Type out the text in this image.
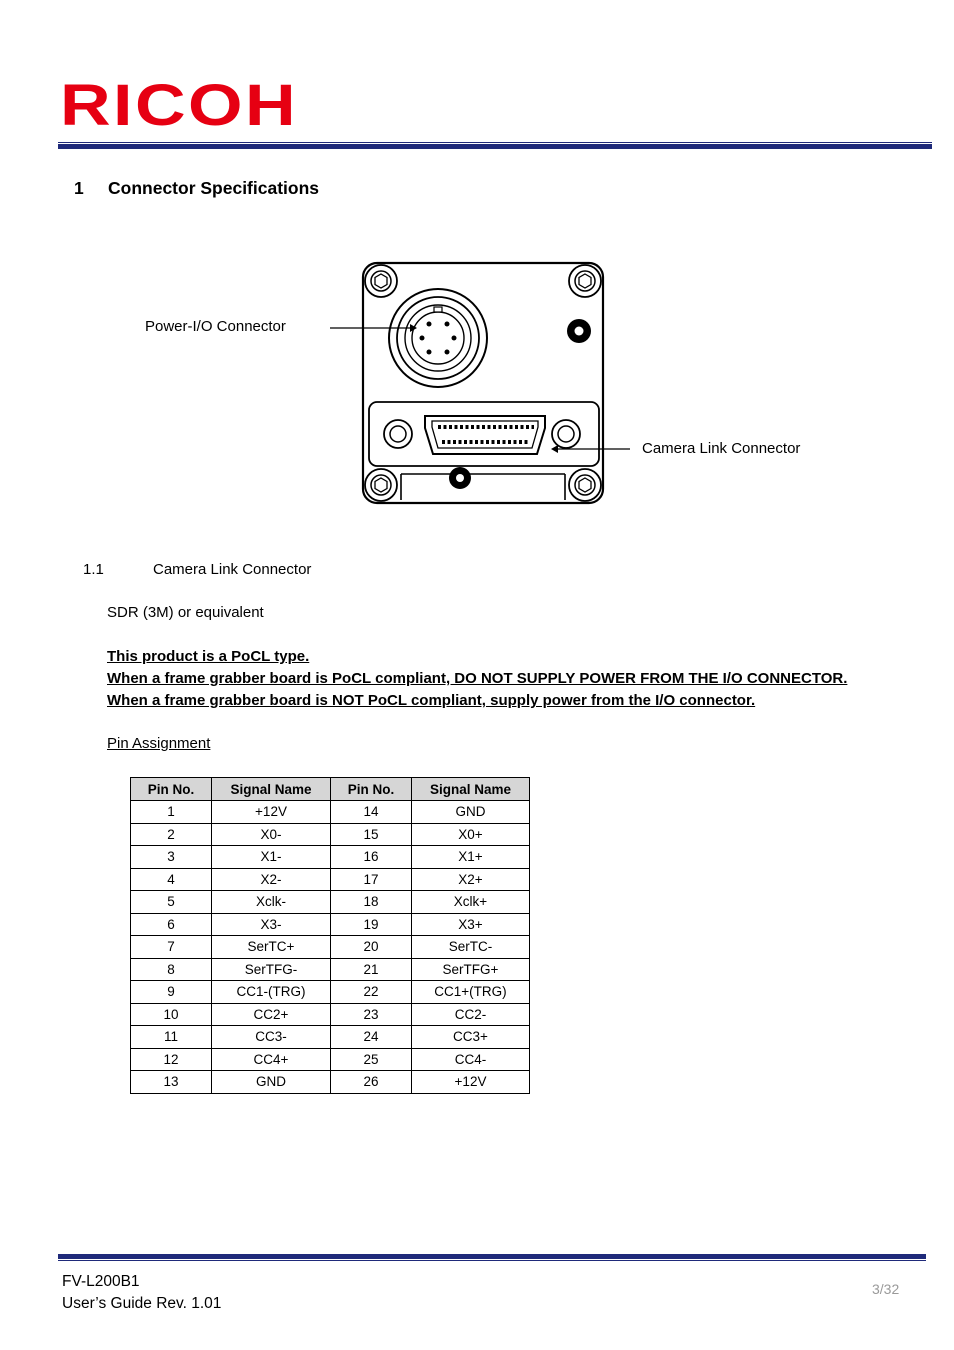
RICOH
1 Connector Specifications
Power-I/O Connector
Camera Link Connector
1.1	Camera Link Connector
SDR (3M) or equivalent
This product is a PoCL type.
When a frame grabber board is PoCL compliant, DO NOT SUPPLY POWER FROM THE I/O CONNECTOR.
When a frame grabber board is NOT PoCL compliant, supply power from the I/O connector.
Pin Assignment
Pin No.	Signal Name	Pin No.	Signal Name
1	+12V	14	GND
2	X0-	15	X0+
3	X1-	16	X1+
4	X2-	17	X2+
5	Xclk-	18	Xclk+
6	X3-	19	X3+
7	SerTC+	20	SerTC-
8	SerTFG-	21	SerTFG+
9	CC1-(TRG)	22	CC1+(TRG)
10	CC2+	23	CC2-
11	CC3-	24	CC3+
12	CC4+	25	CC4-
13	GND	26	+12V
FV-L200B1
User’s Guide Rev. 1.01
3/32
